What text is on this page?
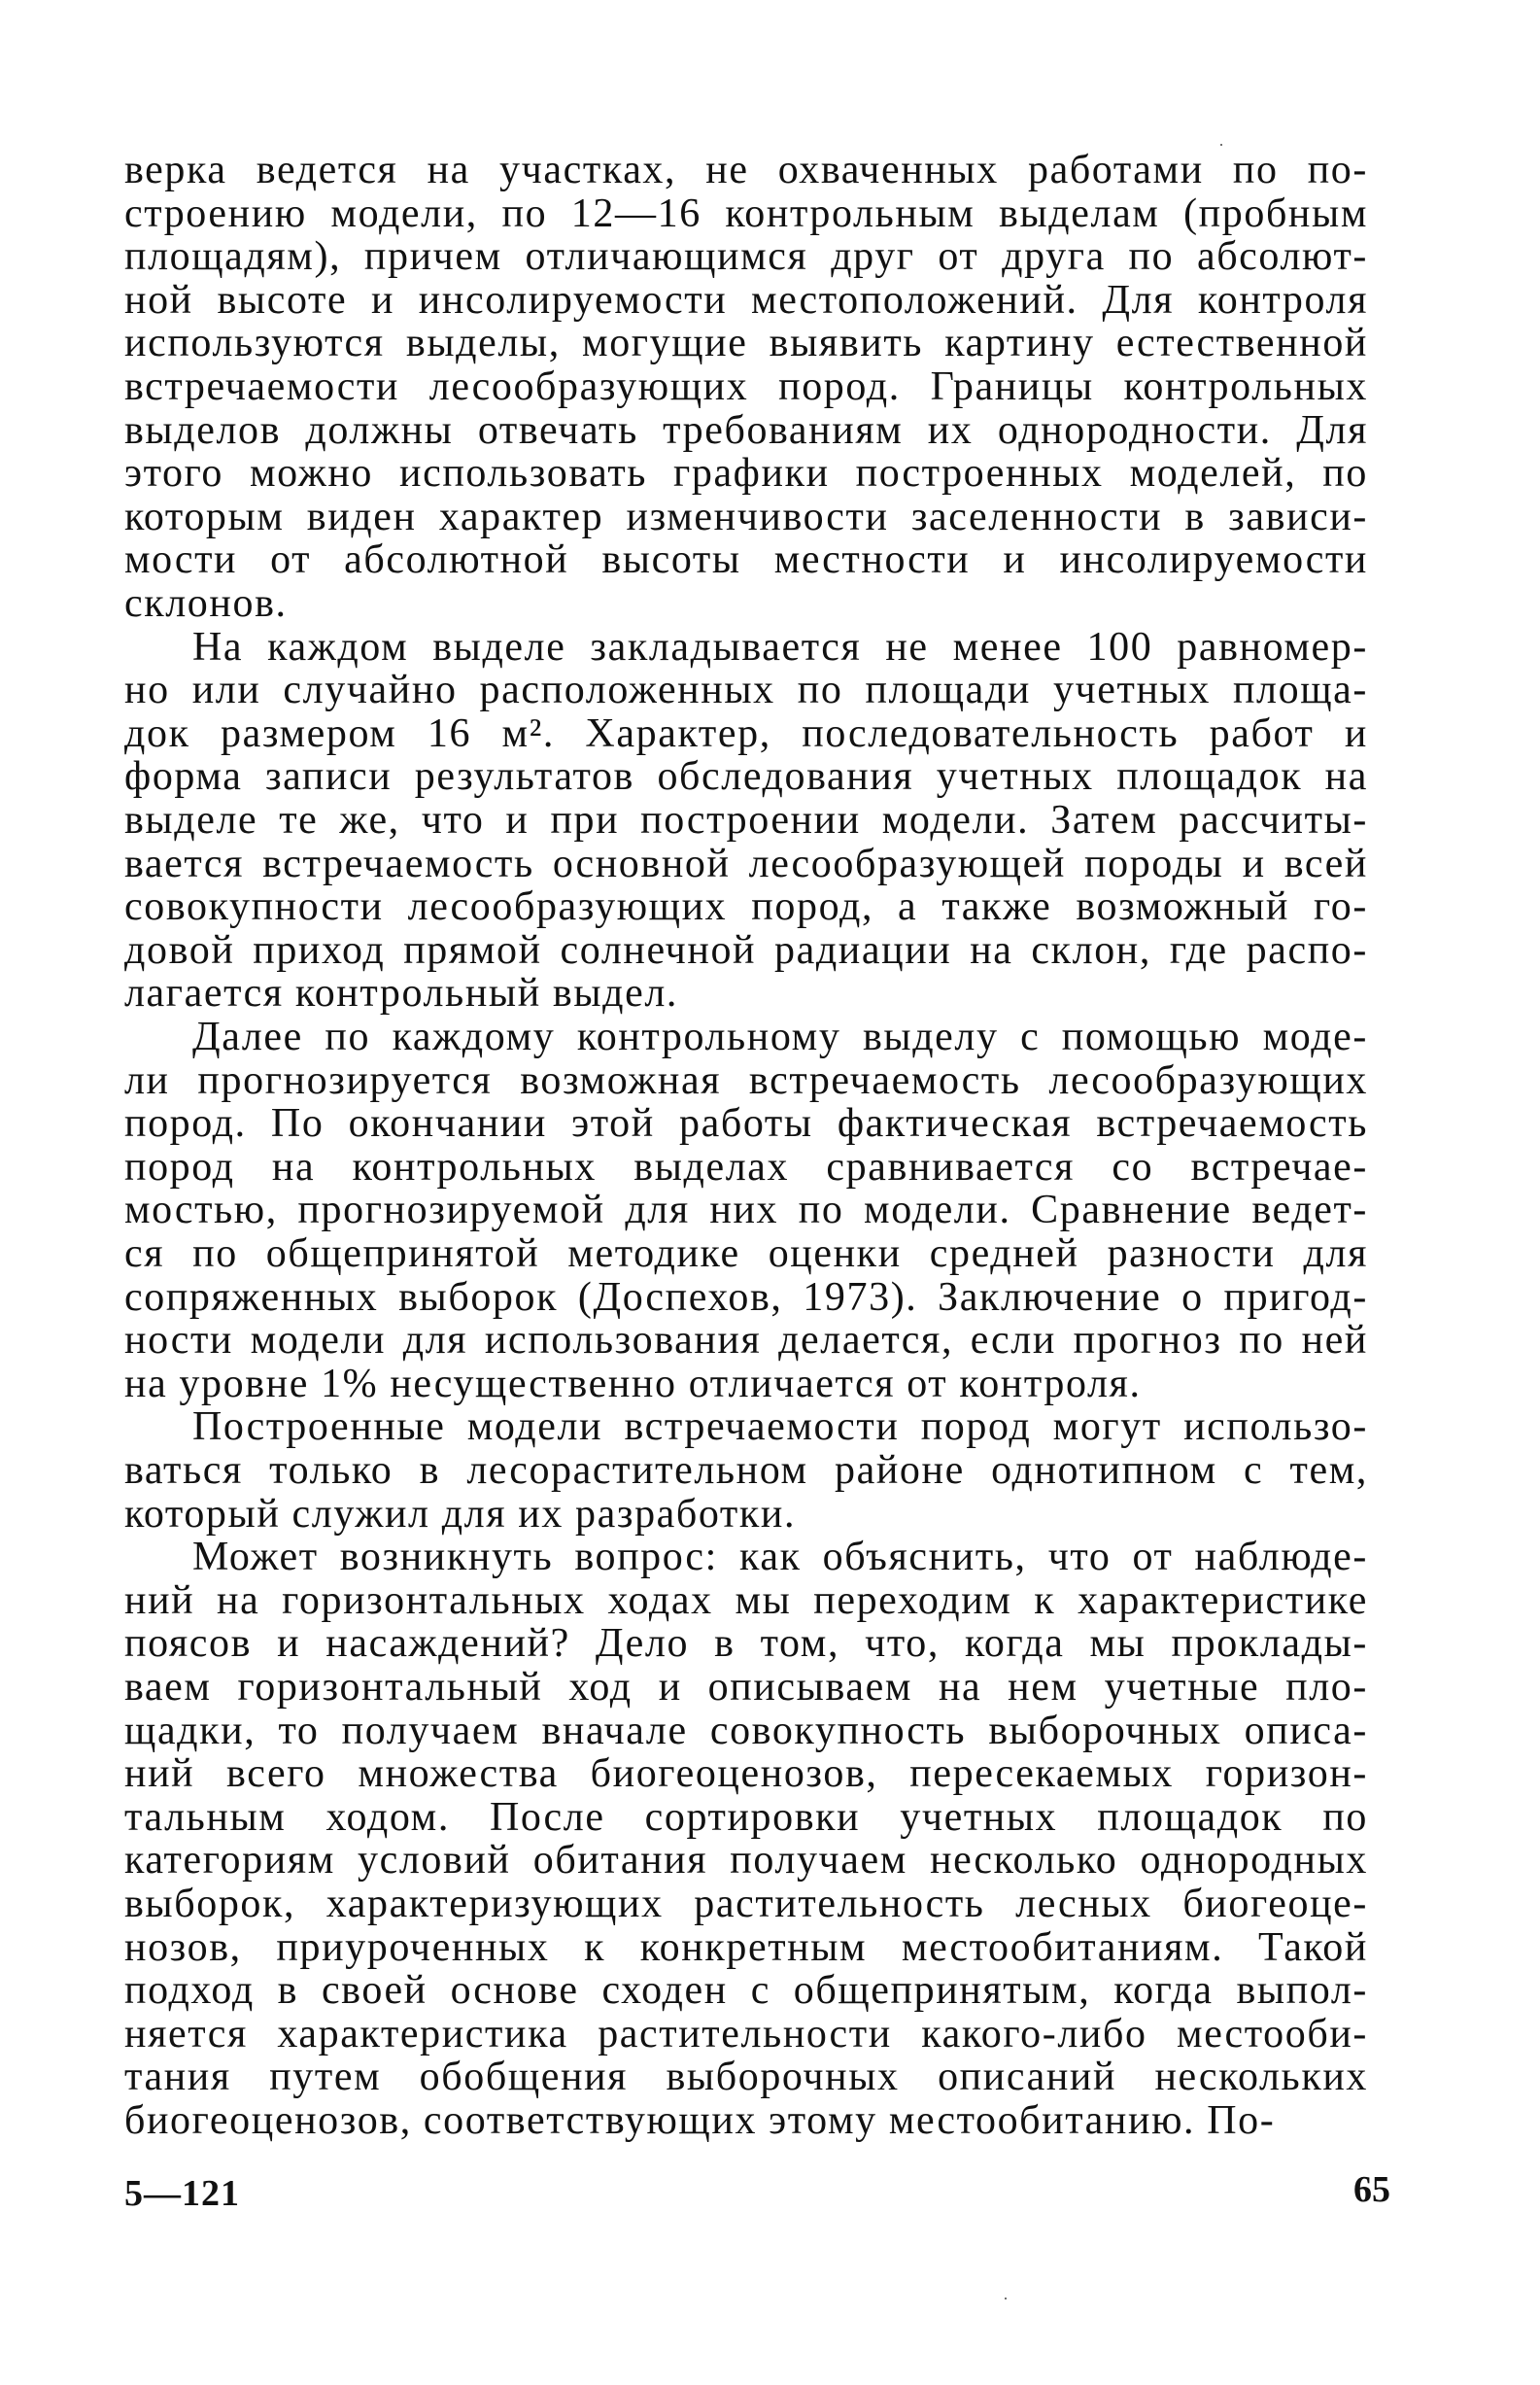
верка ведется на участках, не охваченных работами по по-
строению модели, по 12—16 контрольным выделам (пробным
площадям), причем отличающимся друг от друга по абсолют-
ной высоте и инсолируемости местоположений. Для контроля
используются выделы, могущие выявить картину естественной
встречаемости лесообразующих пород. Границы контрольных
выделов должны отвечать требованиям их однородности. Для
этого можно использовать графики построенных моделей, по
которым виден характер изменчивости заселенности в зависи-
мости от абсолютной высоты местности и инсолируемости
склонов.
На каждом выделе закладывается не менее 100 равномер-
но или случайно расположенных по площади учетных площа-
док размером 16 м². Характер, последовательность работ и
форма записи результатов обследования учетных площадок на
выделе те же, что и при построении модели. Затем рассчиты-
вается встречаемость основной лесообразующей породы и всей
совокупности лесообразующих пород, а также возможный го-
довой приход прямой солнечной радиации на склон, где распо-
лагается контрольный выдел.
Далее по каждому контрольному выделу с помощью моде-
ли прогнозируется возможная встречаемость лесообразующих
пород. По окончании этой работы фактическая встречаемость
пород на контрольных выделах сравнивается со встречае-
мостью, прогнозируемой для них по модели. Сравнение ведет-
ся по общепринятой методике оценки средней разности для
сопряженных выборок (Доспехов, 1973). Заключение о пригод-
ности модели для использования делается, если прогноз по ней
на уровне 1% несущественно отличается от контроля.
Построенные модели встречаемости пород могут использо-
ваться только в лесорастительном районе однотипном с тем,
который служил для их разработки.
Может возникнуть вопрос: как объяснить, что от наблюде-
ний на горизонтальных ходах мы переходим к характеристике
поясов и насаждений? Дело в том, что, когда мы проклады-
ваем горизонтальный ход и описываем на нем учетные пло-
щадки, то получаем вначале совокупность выборочных описа-
ний всего множества биогеоценозов, пересекаемых горизон-
тальным ходом. После сортировки учетных площадок по
категориям условий обитания получаем несколько однородных
выборок, характеризующих растительность лесных биогеоце-
нозов, приуроченных к конкретным местообитаниям. Такой
подход в своей основе сходен с общепринятым, когда выпол-
няется характеристика растительности какого-либо местооби-
тания путем обобщения выборочных описаний нескольких
биогеоценозов, соответствующих этому местообитанию. По-
5—121	65
